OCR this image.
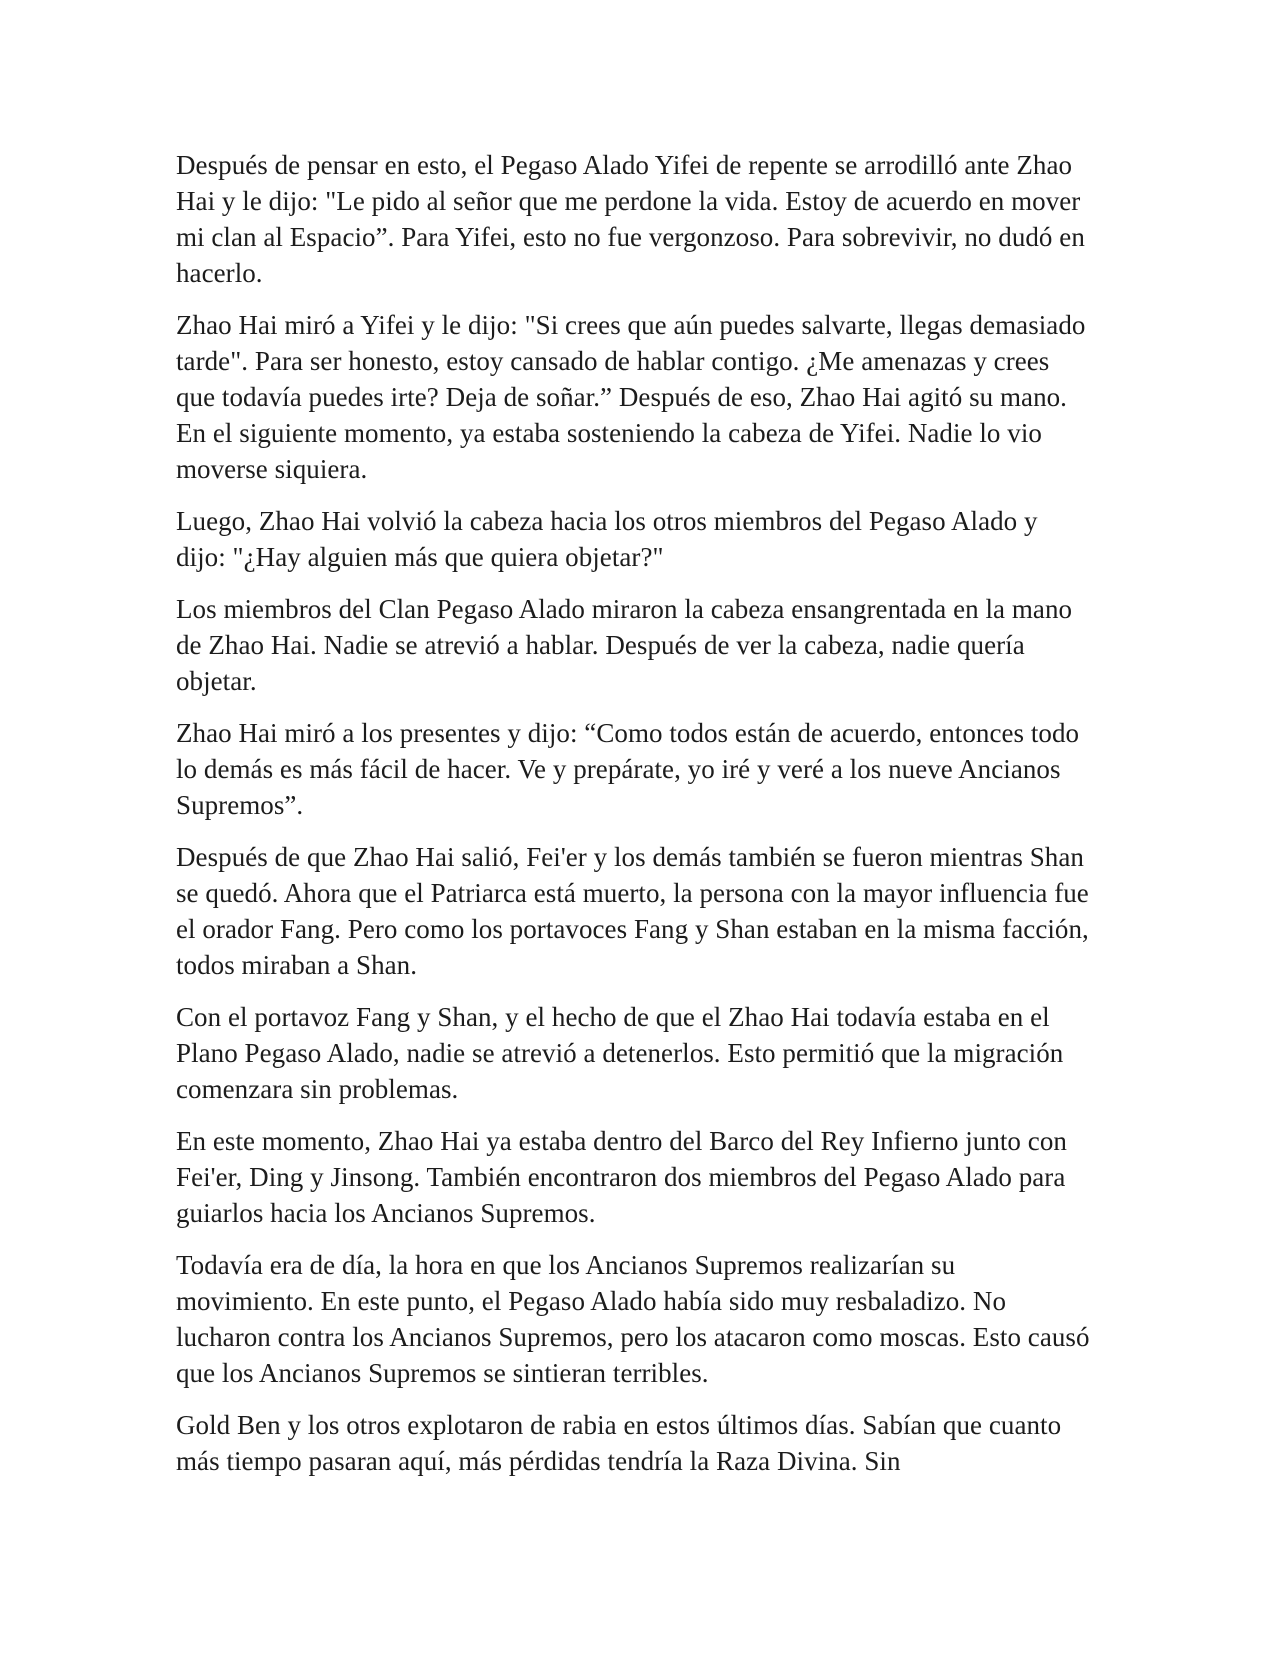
Después de pensar en esto, el Pegaso Alado Yifei de repente se arrodilló ante Zhao Hai y le dijo: "Le pido al señor que me perdone la vida. Estoy de acuerdo en mover mi clan al Espacio”. Para Yifei, esto no fue vergonzoso. Para sobrevivir, no dudó en hacerlo.

Zhao Hai miró a Yifei y le dijo: "Si crees que aún puedes salvarte, llegas demasiado tarde". Para ser honesto, estoy cansado de hablar contigo. ¿Me amenazas y crees que todavía puedes irte? Deja de soñar.” Después de eso, Zhao Hai agitó su mano. En el siguiente momento, ya estaba sosteniendo la cabeza de Yifei. Nadie lo vio moverse siquiera.

Luego, Zhao Hai volvió la cabeza hacia los otros miembros del Pegaso Alado y dijo: "¿Hay alguien más que quiera objetar?"

Los miembros del Clan Pegaso Alado miraron la cabeza ensangrentada en la mano de Zhao Hai. Nadie se atrevió a hablar. Después de ver la cabeza, nadie quería objetar.

Zhao Hai miró a los presentes y dijo: “Como todos están de acuerdo, entonces todo lo demás es más fácil de hacer. Ve y prepárate, yo iré y veré a los nueve Ancianos Supremos”.

Después de que Zhao Hai salió, Fei'er y los demás también se fueron mientras Shan se quedó. Ahora que el Patriarca está muerto, la persona con la mayor influencia fue el orador Fang. Pero como los portavoces Fang y Shan estaban en la misma facción, todos miraban a Shan.

Con el portavoz Fang y Shan, y el hecho de que el Zhao Hai todavía estaba en el Plano Pegaso Alado, nadie se atrevió a detenerlos. Esto permitió que la migración comenzara sin problemas.

En este momento, Zhao Hai ya estaba dentro del Barco del Rey Infierno junto con Fei'er, Ding y Jinsong. También encontraron dos miembros del Pegaso Alado para guiarlos hacia los Ancianos Supremos.

Todavía era de día, la hora en que los Ancianos Supremos realizarían su movimiento. En este punto, el Pegaso Alado había sido muy resbaladizo. No lucharon contra los Ancianos Supremos, pero los atacaron como moscas. Esto causó que los Ancianos Supremos se sintieran terribles.

Gold Ben y los otros explotaron de rabia en estos últimos días. Sabían que cuanto más tiempo pasaran aquí, más pérdidas tendría la Raza Divina. Sin
